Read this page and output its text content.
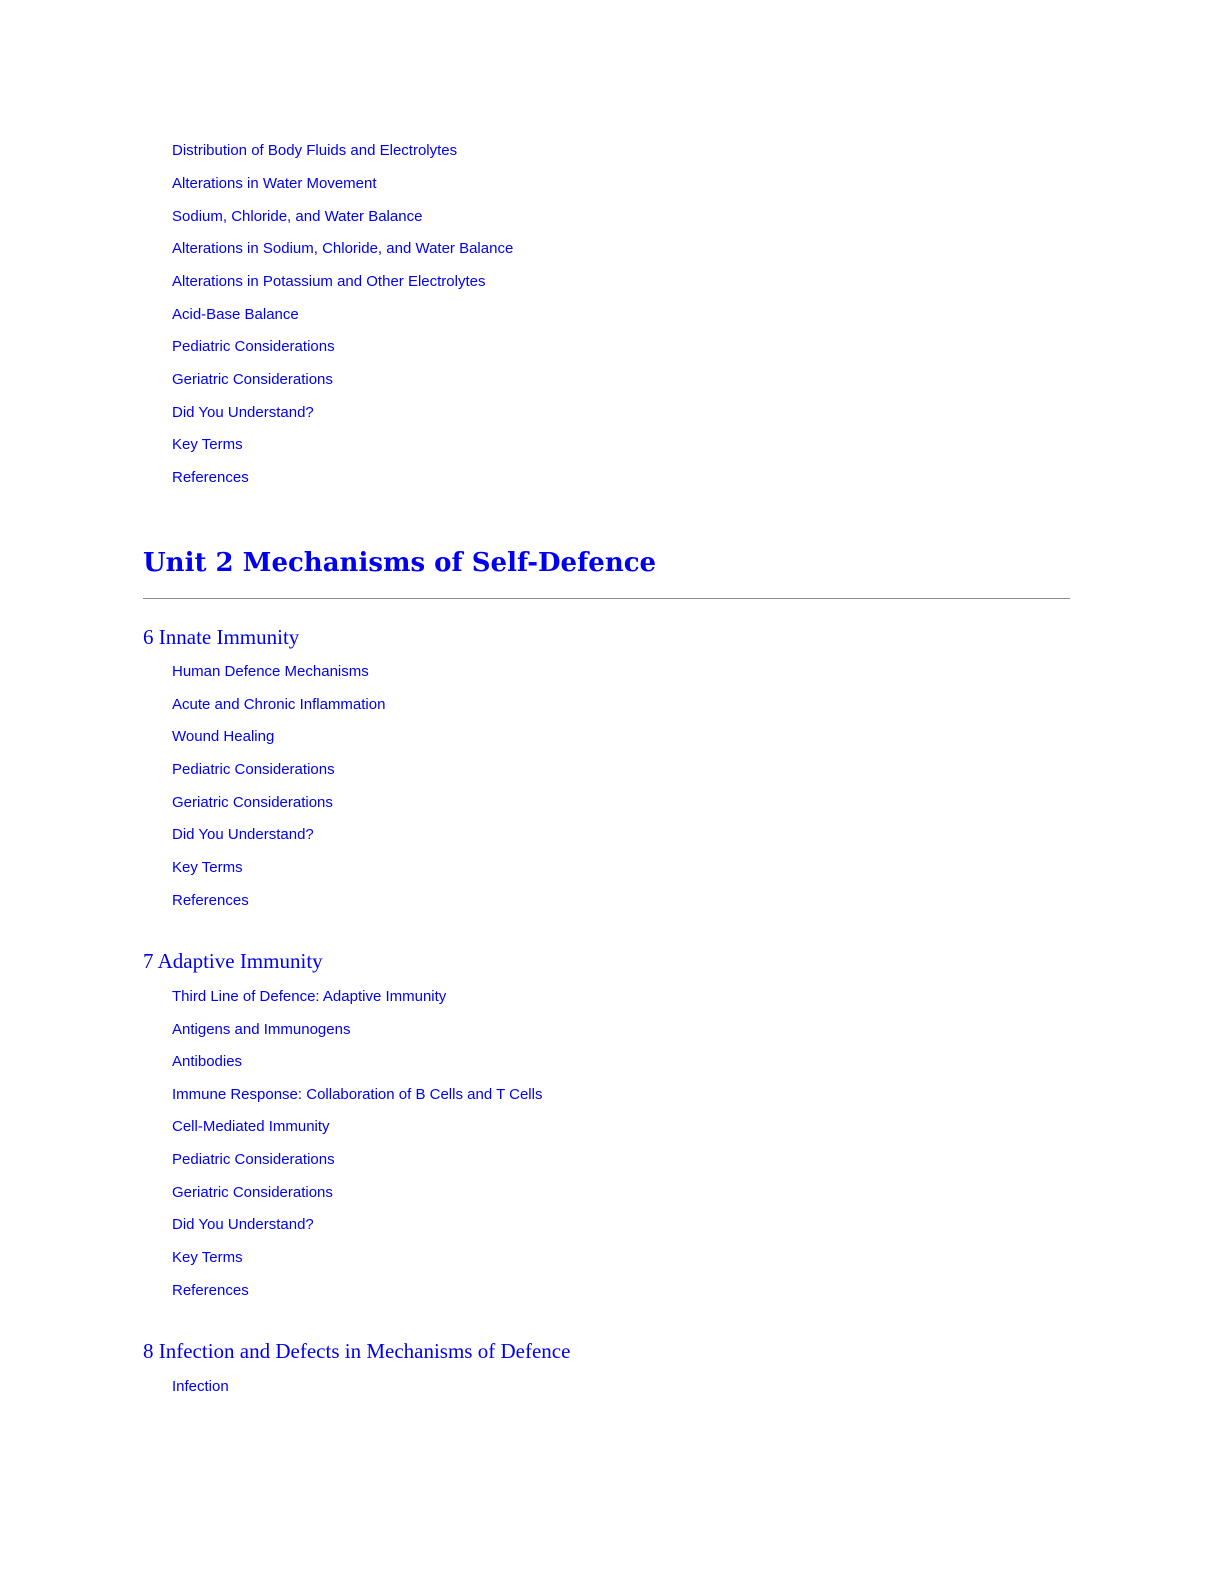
Distribution of Body Fluids and Electrolytes
Alterations in Water Movement
Sodium, Chloride, and Water Balance
Alterations in Sodium, Chloride, and Water Balance
Alterations in Potassium and Other Electrolytes
Acid-Base Balance
Pediatric Considerations
Geriatric Considerations
Did You Understand?
Key Terms
References
Unit 2 Mechanisms of Self-Defence
6 Innate Immunity
Human Defence Mechanisms
Acute and Chronic Inflammation
Wound Healing
Pediatric Considerations
Geriatric Considerations
Did You Understand?
Key Terms
References
7 Adaptive Immunity
Third Line of Defence: Adaptive Immunity
Antigens and Immunogens
Antibodies
Immune Response: Collaboration of B Cells and T Cells
Cell-Mediated Immunity
Pediatric Considerations
Geriatric Considerations
Did You Understand?
Key Terms
References
8 Infection and Defects in Mechanisms of Defence
Infection
